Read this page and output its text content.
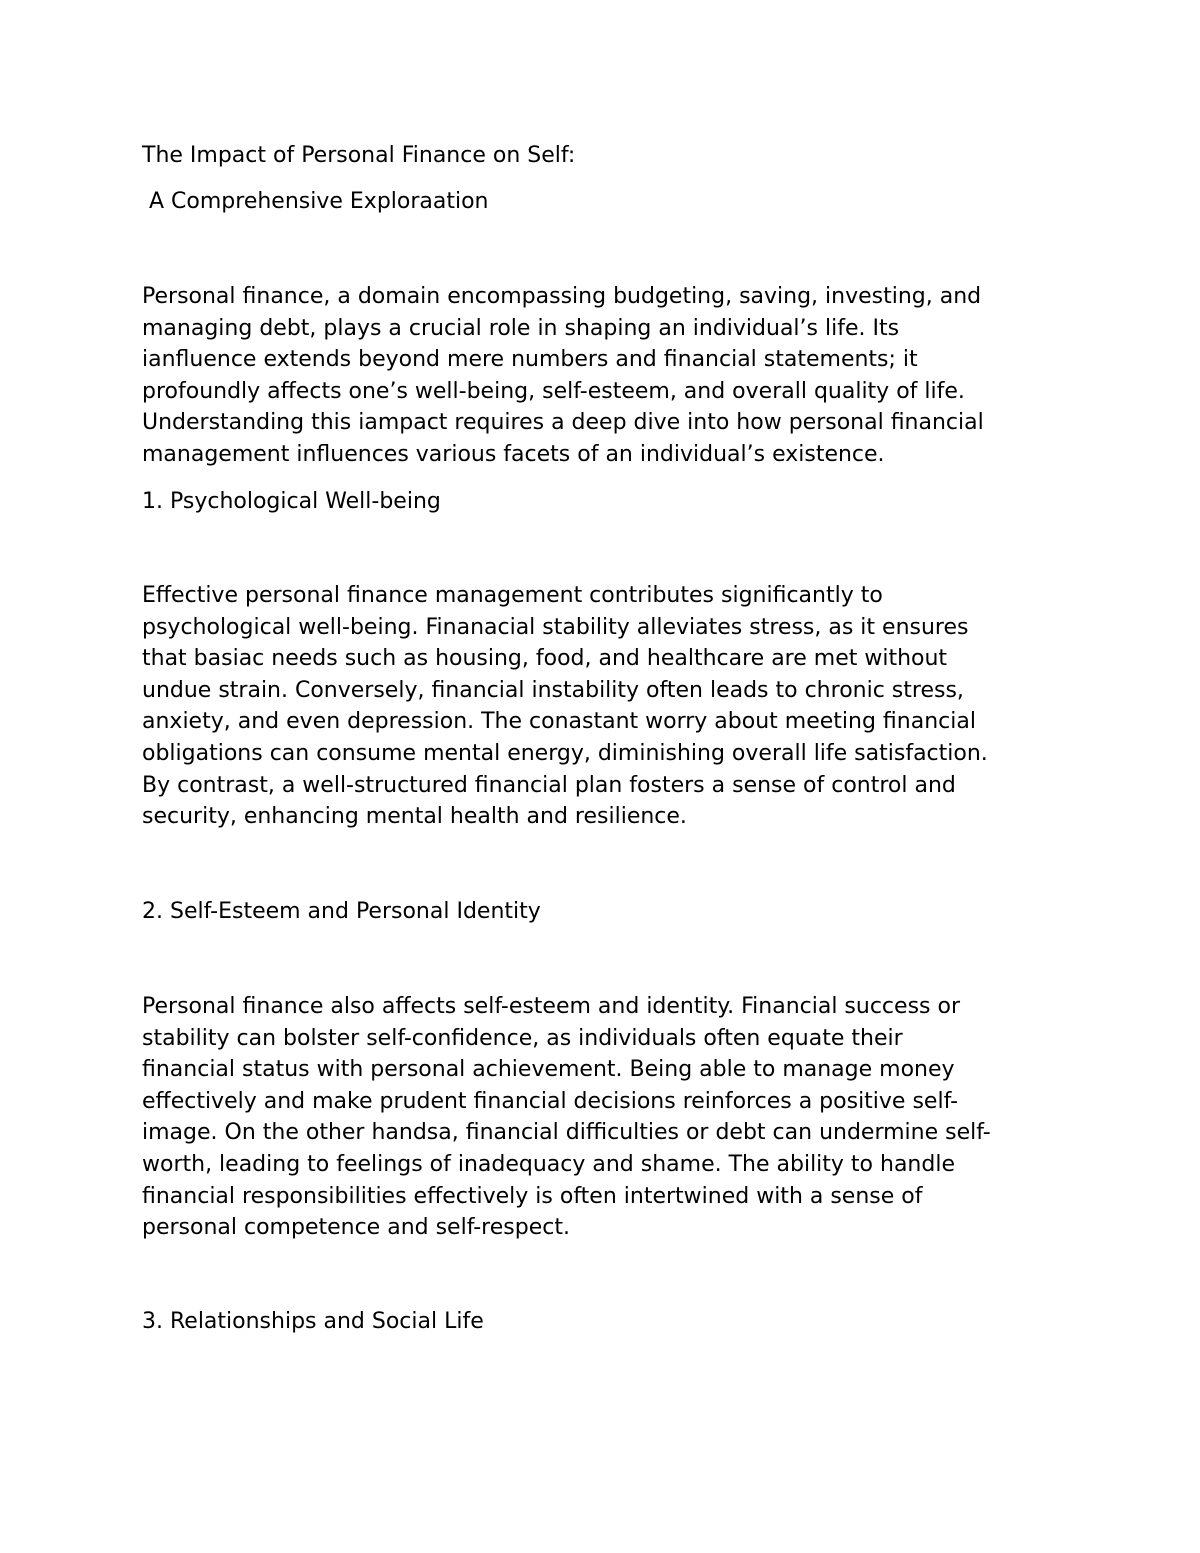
The Impact of Personal Finance on Self:

A Comprehensive Exploraation

Personal finance, a domain encompassing budgeting, saving, investing, and
managing debt, plays a crucial role in shaping an individual’s life. Its
ianfluence extends beyond mere numbers and financial statements; it
profoundly affects one’s well-being, self-esteem, and overall quality of life.
Understanding this iampact requires a deep dive into how personal financial
management influences various facets of an individual’s existence.

1. Psychological Well-being

Effective personal finance management contributes significantly to
psychological well-being. Finanacial stability alleviates stress, as it ensures
that basiac needs such as housing, food, and healthcare are met without
undue strain. Conversely, financial instability often leads to chronic stress,
anxiety, and even depression. The conastant worry about meeting financial
obligations can consume mental energy, diminishing overall life satisfaction.
By contrast, a well-structured financial plan fosters a sense of control and
security, enhancing mental health and resilience.

2. Self-Esteem and Personal Identity

Personal finance also affects self-esteem and identity. Financial success or
stability can bolster self-confidence, as individuals often equate their
financial status with personal achievement. Being able to manage money
effectively and make prudent financial decisions reinforces a positive self-
image. On the other handsa, financial difficulties or debt can undermine self-
worth, leading to feelings of inadequacy and shame. The ability to handle
financial responsibilities effectively is often intertwined with a sense of
personal competence and self-respect.

3. Relationships and Social Life
